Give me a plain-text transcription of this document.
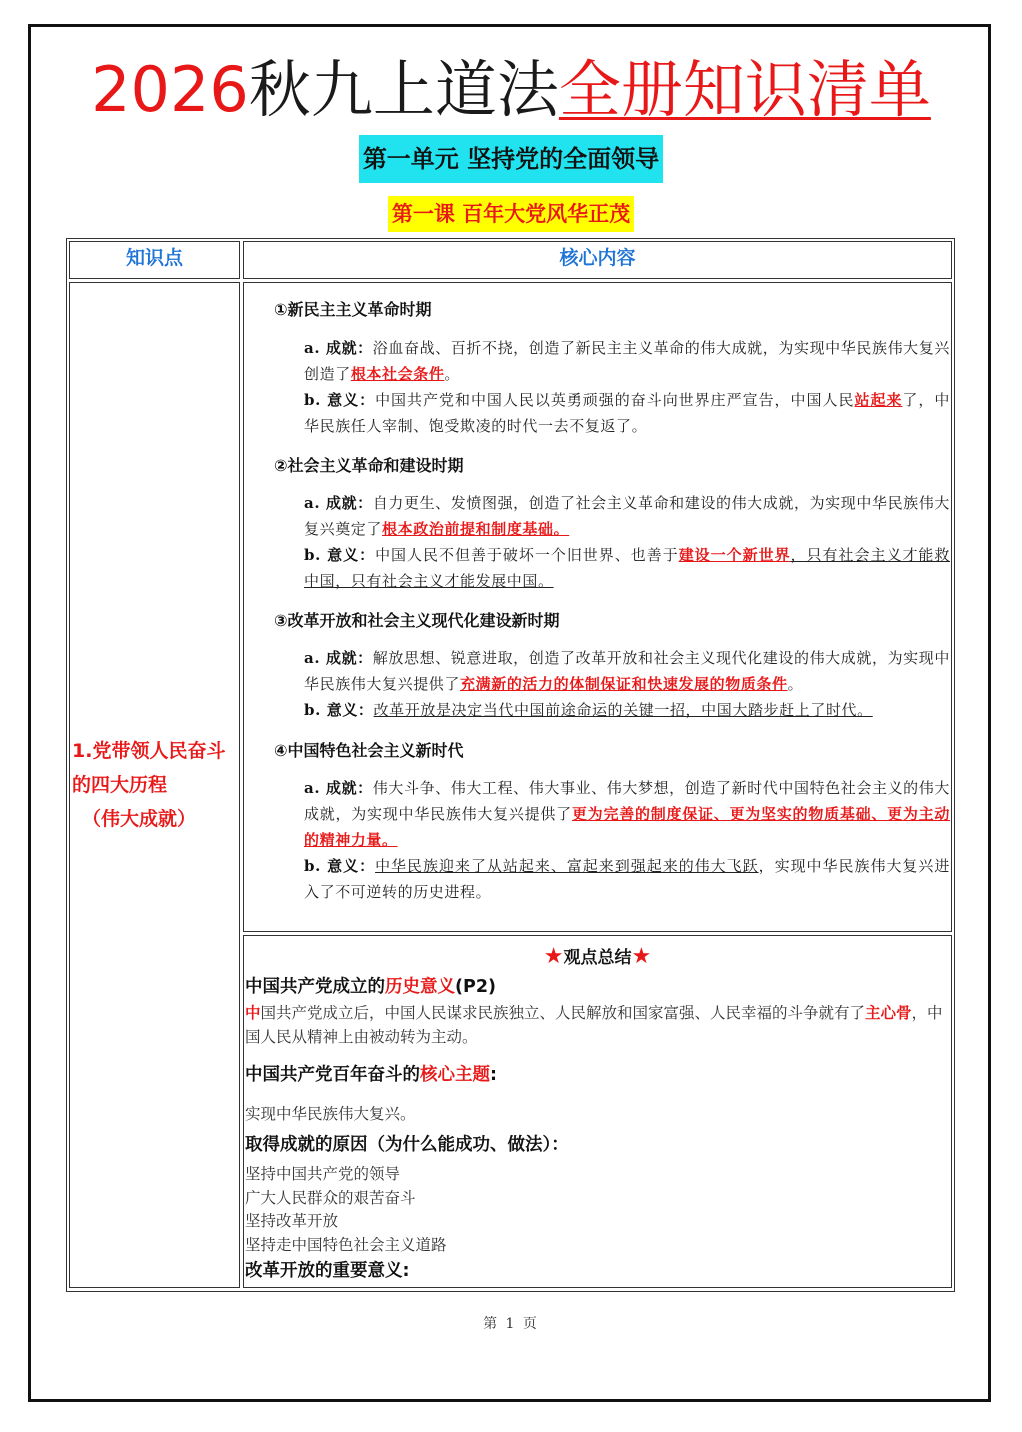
2026秋九上道法全册知识清单
第一单元 坚持党的全面领导
第一课 百年大党风华正茂
知识点	核心内容
1.党带领人民奋斗
的四大历程
（伟大成就）
①新民主主义革命时期
a. 成就：浴血奋战、百折不挠，创造了新民主主义革命的伟大成就，为实现中华民族伟大复兴创造了根本社会条件。
b. 意义：中国共产党和中国人民以英勇顽强的奋斗向世界庄严宣告，中国人民站起来了，中华民族任人宰制、饱受欺凌的时代一去不复返了。
②社会主义革命和建设时期
a. 成就：自力更生、发愤图强，创造了社会主义革命和建设的伟大成就，为实现中华民族伟大复兴奠定了根本政治前提和制度基础。
b. 意义：中国人民不但善于破坏一个旧世界、也善于建设一个新世界，只有社会主义才能救中国，只有社会主义才能发展中国。
③改革开放和社会主义现代化建设新时期
a. 成就：解放思想、锐意进取，创造了改革开放和社会主义现代化建设的伟大成就，为实现中华民族伟大复兴提供了充满新的活力的体制保证和快速发展的物质条件。
b. 意义：改革开放是决定当代中国前途命运的关键一招，中国大踏步赶上了时代。
④中国特色社会主义新时代
a. 成就：伟大斗争、伟大工程、伟大事业、伟大梦想，创造了新时代中国特色社会主义的伟大成就，为实现中华民族伟大复兴提供了更为完善的制度保证、更为坚实的物质基础、更为主动的精神力量。
b. 意义：中华民族迎来了从站起来、富起来到强起来的伟大飞跃，实现中华民族伟大复兴进入了不可逆转的历史进程。
★观点总结★
中国共产党成立的历史意义(P2)
中国共产党成立后，中国人民谋求民族独立、人民解放和国家富强、人民幸福的斗争就有了主心骨，中国人民从精神上由被动转为主动。
中国共产党百年奋斗的核心主题:
实现中华民族伟大复兴。
取得成就的原因（为什么能成功、做法）：
坚持中国共产党的领导
广大人民群众的艰苦奋斗
坚持改革开放
坚持走中国特色社会主义道路
改革开放的重要意义:
第 1 页
